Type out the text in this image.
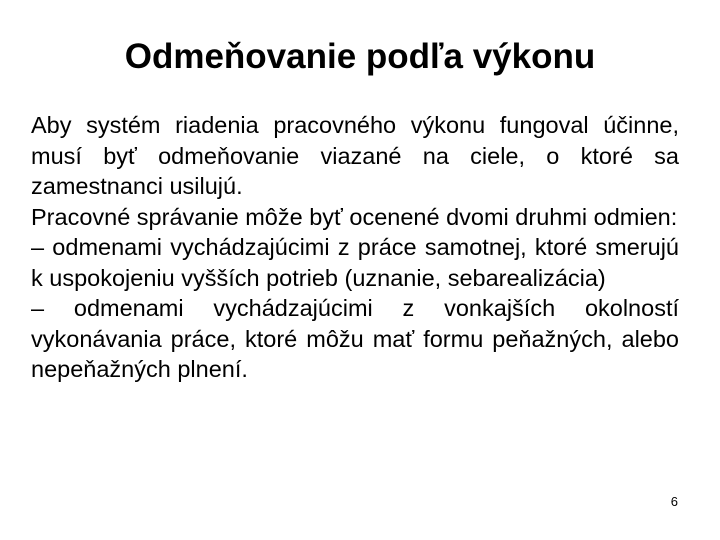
Odmeňovanie podľa výkonu

Aby systém riadenia pracovného výkonu fungoval účinne, musí byť odmeňovanie viazané na ciele, o ktoré sa zamestnanci usilujú.

Pracovné správanie môže byť ocenené dvomi druhmi odmien:

– odmenami vychádzajúcimi z práce samotnej, ktoré smerujú k uspokojeniu vyšších potrieb (uznanie, sebarealizácia)

– odmenami vychádzajúcimi z vonkajších okolností vykonávania práce, ktoré môžu mať formu peňažných, alebo nepeňažných plnení.

6
